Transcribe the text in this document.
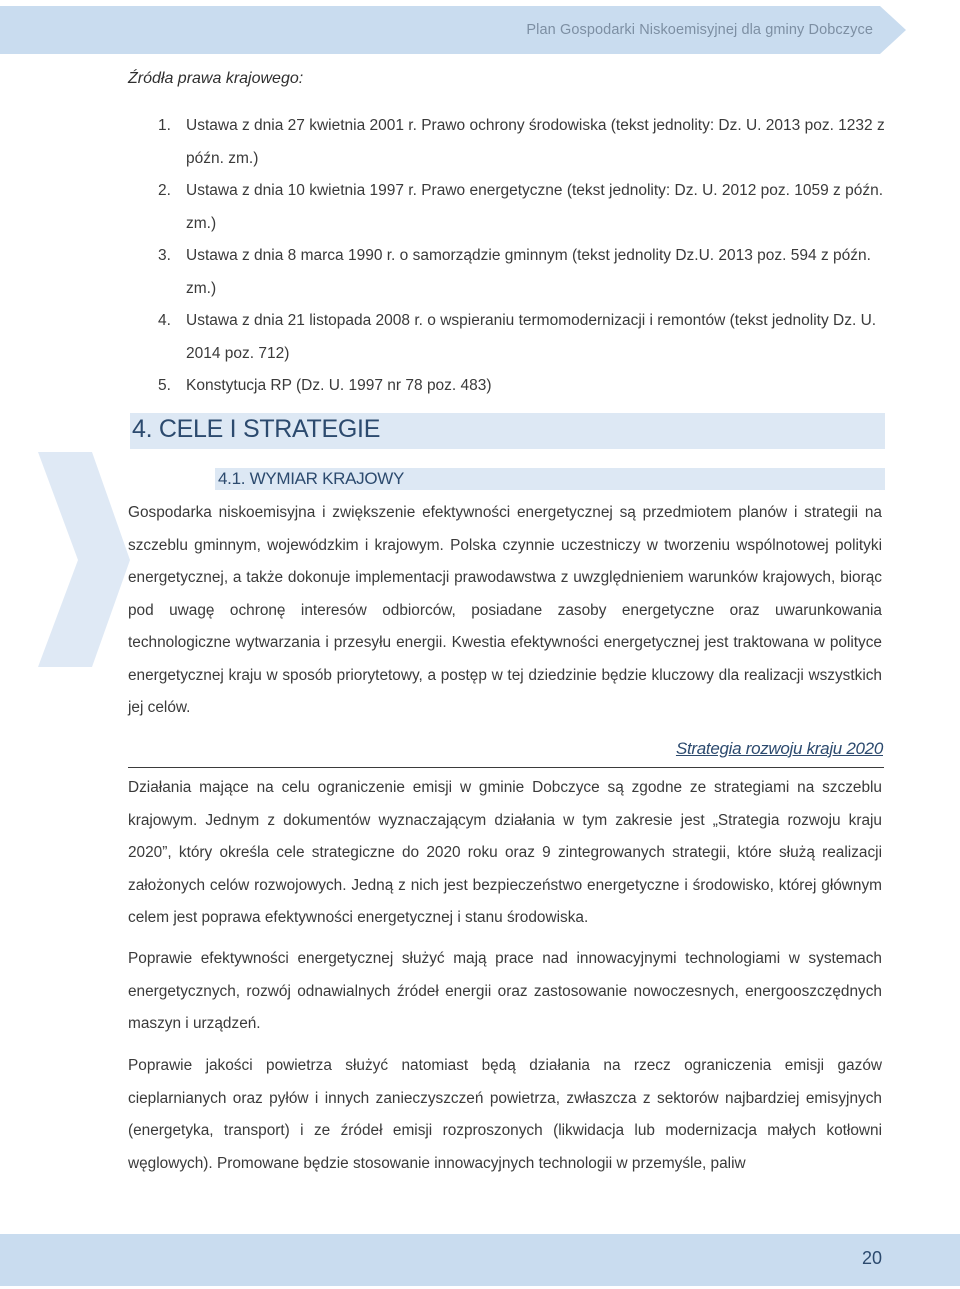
Plan Gospodarki Niskoemisyjnej dla gminy Dobczyce
Źródła prawa krajowego:
1. Ustawa z dnia 27 kwietnia 2001 r. Prawo ochrony środowiska (tekst jednolity: Dz. U. 2013 poz. 1232 z późn. zm.)
2. Ustawa z dnia 10 kwietnia 1997 r. Prawo energetyczne (tekst jednolity: Dz. U. 2012 poz. 1059 z późn. zm.)
3. Ustawa z dnia 8 marca 1990 r. o samorządzie gminnym (tekst jednolity Dz.U. 2013 poz. 594 z późn. zm.)
4. Ustawa z dnia 21 listopada 2008 r. o wspieraniu termomodernizacji i remontów (tekst jednolity Dz. U. 2014 poz. 712)
5. Konstytucja RP (Dz. U. 1997 nr 78 poz. 483)
4. CELE I STRATEGIE
4.1. WYMIAR KRAJOWY

Gospodarka niskoemisyjna i zwiększenie efektywności energetycznej są przedmiotem planów i strategii na szczeblu gminnym, wojewódzkim i krajowym. Polska czynnie uczestniczy w tworzeniu wspólnotowej polityki energetycznej, a także dokonuje implementacji prawodawstwa z uwzględnieniem warunków krajowych, biorąc pod uwagę ochronę interesów odbiorców, posiadane zasoby energetyczne oraz uwarunkowania technologiczne wytwarzania i przesyłu energii. Kwestia efektywności energetycznej jest traktowana w polityce energetycznej kraju w sposób priorytetowy, a postęp w tej dziedzinie będzie kluczowy dla realizacji wszystkich jej celów.

Strategia rozwoju kraju 2020

Działania mające na celu ograniczenie emisji w gminie Dobczyce są zgodne ze strategiami na szczeblu krajowym. Jednym z dokumentów wyznaczającym działania w tym zakresie jest „Strategia rozwoju kraju 2020”, który określa cele strategiczne do 2020 roku oraz 9 zintegrowanych strategii, które służą realizacji założonych celów rozwojowych. Jedną z nich jest bezpieczeństwo energetyczne i środowisko, której głównym celem jest poprawa efektywności energetycznej i stanu środowiska.

Poprawie efektywności energetycznej służyć mają prace nad innowacyjnymi technologiami w systemach energetycznych, rozwój odnawialnych źródeł energii oraz zastosowanie nowoczesnych, energooszczędnych maszyn i urządzeń.

Poprawie jakości powietrza służyć natomiast będą działania na rzecz ograniczenia emisji gazów cieplarnianych oraz pyłów i innych zanieczyszczeń powietrza, zwłaszcza z sektorów najbardziej emisyjnych (energetyka, transport) i ze źródeł emisji rozproszonych (likwidacja lub modernizacja małych kotłowni węglowych). Promowane będzie stosowanie innowacyjnych technologii w przemyśle, paliw

20
